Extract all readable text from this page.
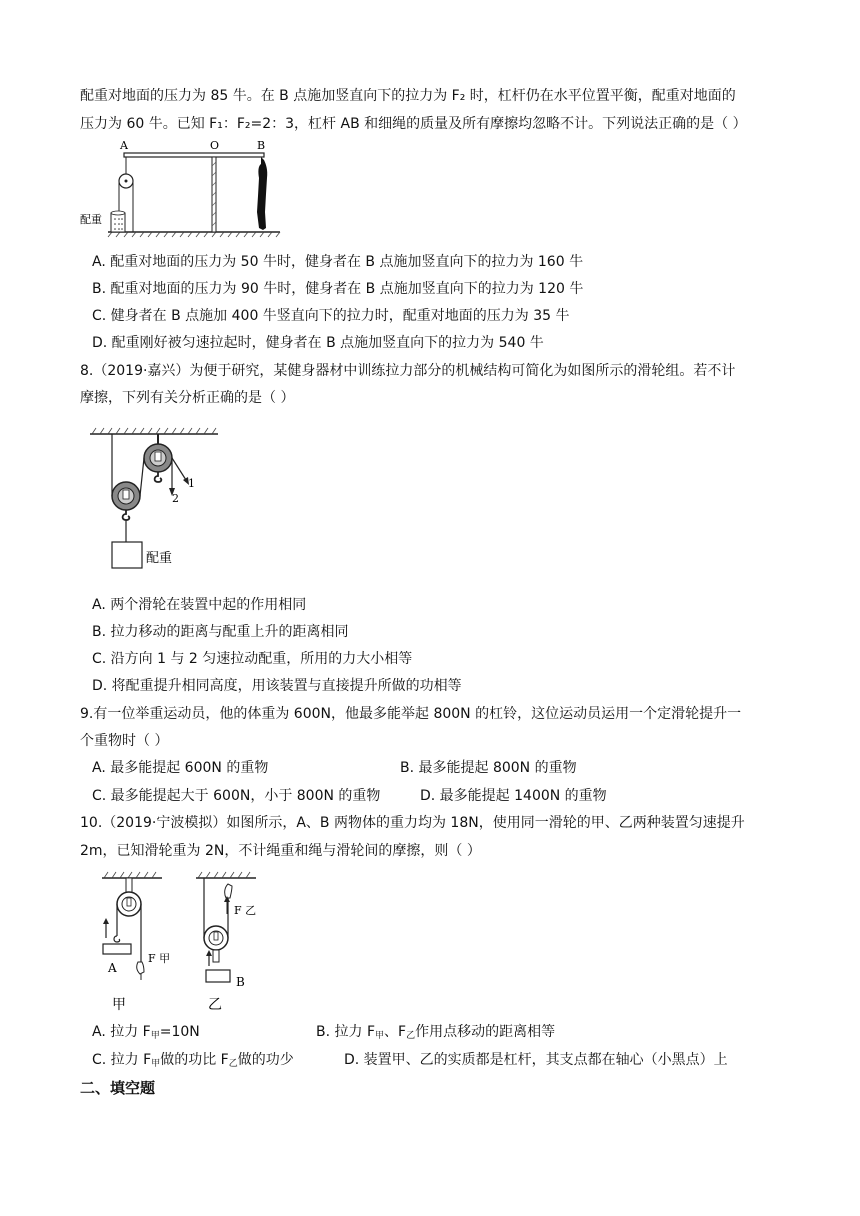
配重对地面的压力为 85 牛。在 B 点施加竖直向下的拉力为 F₂ 时，杠杆仍在水平位置平衡，配重对地面的
压力为 60 牛。已知 F₁：F₂=2：3，杠杆 AB 和细绳的质量及所有摩擦均忽略不计。下列说法正确的是（ ）
A	O	B
配重
A. 配重对地面的压力为 50 牛时，健身者在 B 点施加竖直向下的拉力为 160 牛
B. 配重对地面的压力为 90 牛时，健身者在 B 点施加竖直向下的拉力为 120 牛
C. 健身者在 B 点施加 400 牛竖直向下的拉力时，配重对地面的压力为 35 牛
D. 配重刚好被匀速拉起时，健身者在 B 点施加竖直向下的拉力为 540 牛
8.（2019·嘉兴）为便于研究，某健身器材中训练拉力部分的机械结构可简化为如图所示的滑轮组。若不计
摩擦，下列有关分析正确的是（ ）
1
2
配重
A. 两个滑轮在装置中起的作用相同
B. 拉力移动的距离与配重上升的距离相同
C. 沿方向 1 与 2 匀速拉动配重，所用的力大小相等
D. 将配重提升相同高度，用该装置与直接提升所做的功相等
9.有一位举重运动员，他的体重为 600N，他最多能举起 800N 的杠铃，这位运动员运用一个定滑轮提升一
个重物时（ ）
A. 最多能提起 600N 的重物	B. 最多能提起 800N 的重物
C. 最多能提起大于 600N，小于 800N 的重物	D. 最多能提起 1400N 的重物
10.（2019·宁波模拟）如图所示，A、B 两物体的重力均为 18N，使用同一滑轮的甲、乙两种装置匀速提升
2m，已知滑轮重为 2N，不计绳重和绳与滑轮间的摩擦，则（ ）
A
F 甲
F 乙
B
甲	乙
A. 拉力 $F_甲=10N$	B. 拉力 $F_甲$、$F_乙$作用点移动的距离相等
C. 拉力 $F_甲$做的功比 $F_乙$做的功少	D. 装置甲、乙的实质都是杠杆，其支点都在轴心（小黑点）上
二、填空题
